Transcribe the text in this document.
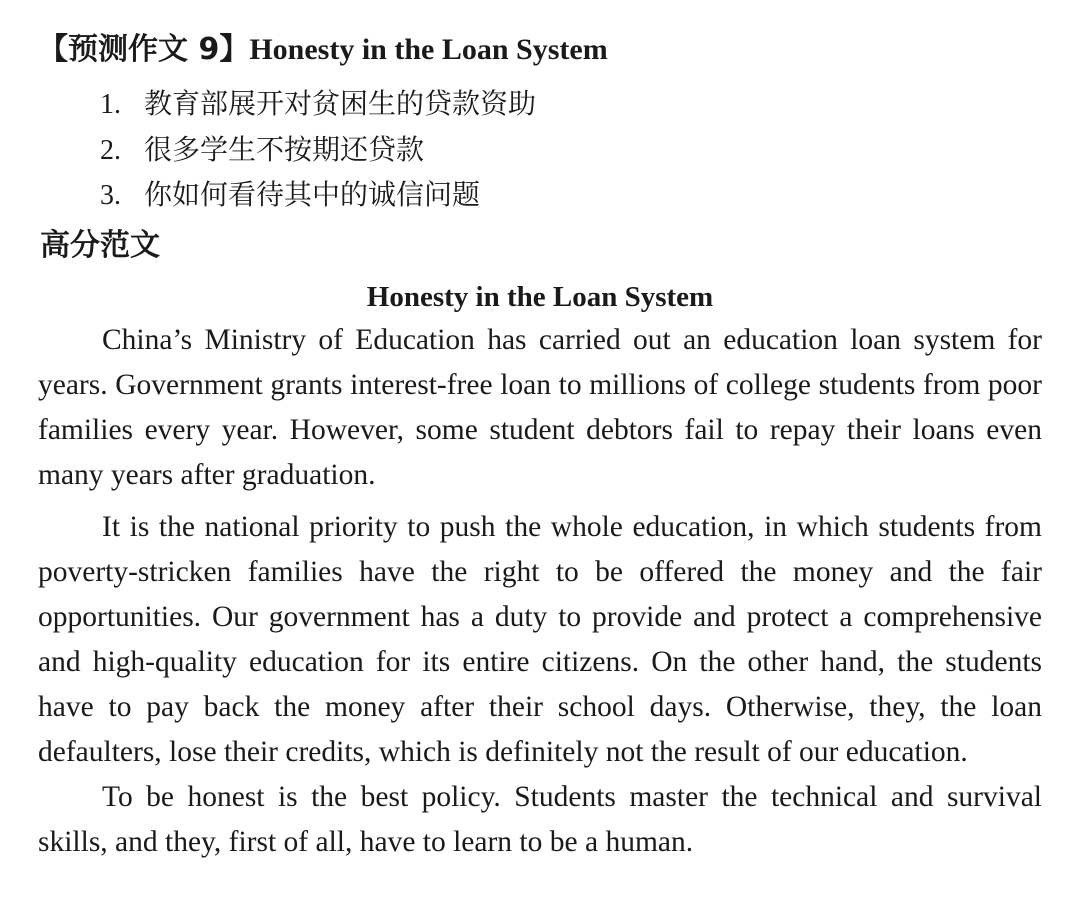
【预测作文 9】Honesty in the Loan System
1. 教育部展开对贫困生的贷款资助
2. 很多学生不按期还贷款
3. 你如何看待其中的诚信问题
高分范文
Honesty in the Loan System

China’s Ministry of Education has carried out an education loan system for years. Government grants interest-free loan to millions of college students from poor families every year. However, some student debtors fail to repay their loans even many years after graduation.

It is the national priority to push the whole education, in which students from poverty-stricken families have the right to be offered the money and the fair opportunities. Our government has a duty to provide and protect a comprehensive and high-quality education for its entire citizens. On the other hand, the students have to pay back the money after their school days. Otherwise, they, the loan defaulters, lose their credits, which is definitely not the result of our education.

To be honest is the best policy. Students master the technical and survival skills, and they, first of all, have to learn to be a human.
